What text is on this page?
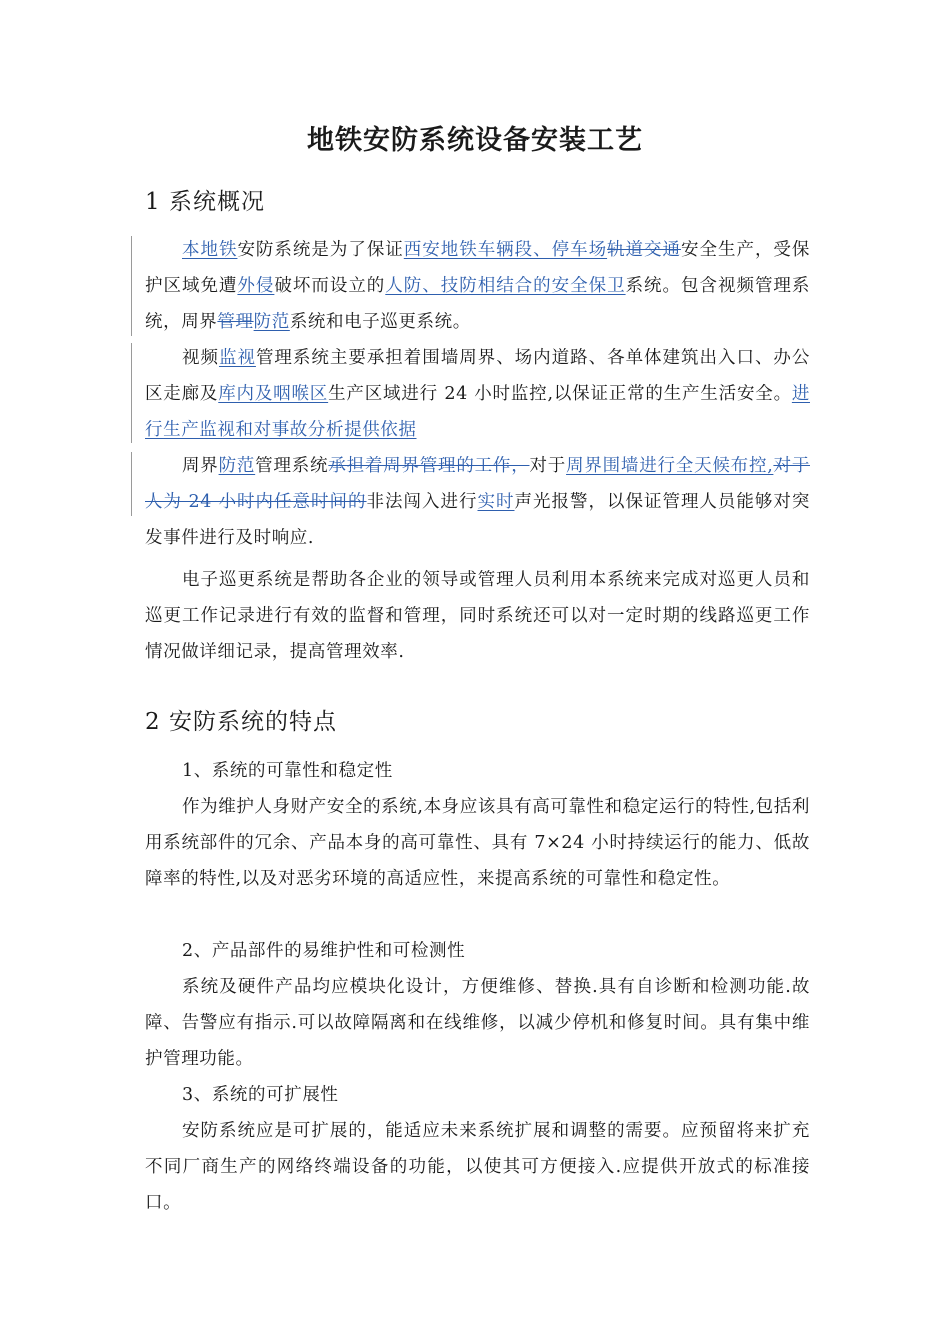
地铁安防系统设备安装工艺
1 系统概况

本地铁安防系统是为了保证西安地铁车辆段、停车场轨道交通安全生产，受保护区域免遭外侵破坏而设立的人防、技防相结合的安全保卫系统。包含视频管理系统，周界管理防范系统和电子巡更系统。

视频监视管理系统主要承担着围墙周界、场内道路、各单体建筑出入口、办公区走廊及库内及咽喉区生产区域进行 24 小时监控,以保证正常的生产生活安全。进行生产监视和对事故分析提供依据

周界防范管理系统承担着周界管理的工作，对于周界围墙进行全天候布控,对于人为 24 小时内任意时间的非法闯入进行实时声光报警，以保证管理人员能够对突发事件进行及时响应.

电子巡更系统是帮助各企业的领导或管理人员利用本系统来完成对巡更人员和巡更工作记录进行有效的监督和管理，同时系统还可以对一定时期的线路巡更工作情况做详细记录，提高管理效率.

2 安防系统的特点

1、系统的可靠性和稳定性

作为维护人身财产安全的系统,本身应该具有高可靠性和稳定运行的特性,包括利用系统部件的冗余、产品本身的高可靠性、具有 7×24 小时持续运行的能力、低故障率的特性,以及对恶劣环境的高适应性，来提高系统的可靠性和稳定性。

2、产品部件的易维护性和可检测性

系统及硬件产品均应模块化设计，方便维修、替换.具有自诊断和检测功能.故障、告警应有指示.可以故障隔离和在线维修，以减少停机和修复时间。具有集中维护管理功能。

3、系统的可扩展性

安防系统应是可扩展的，能适应未来系统扩展和调整的需要。应预留将来扩充不同厂商生产的网络终端设备的功能，以使其可方便接入.应提供开放式的标准接口。
